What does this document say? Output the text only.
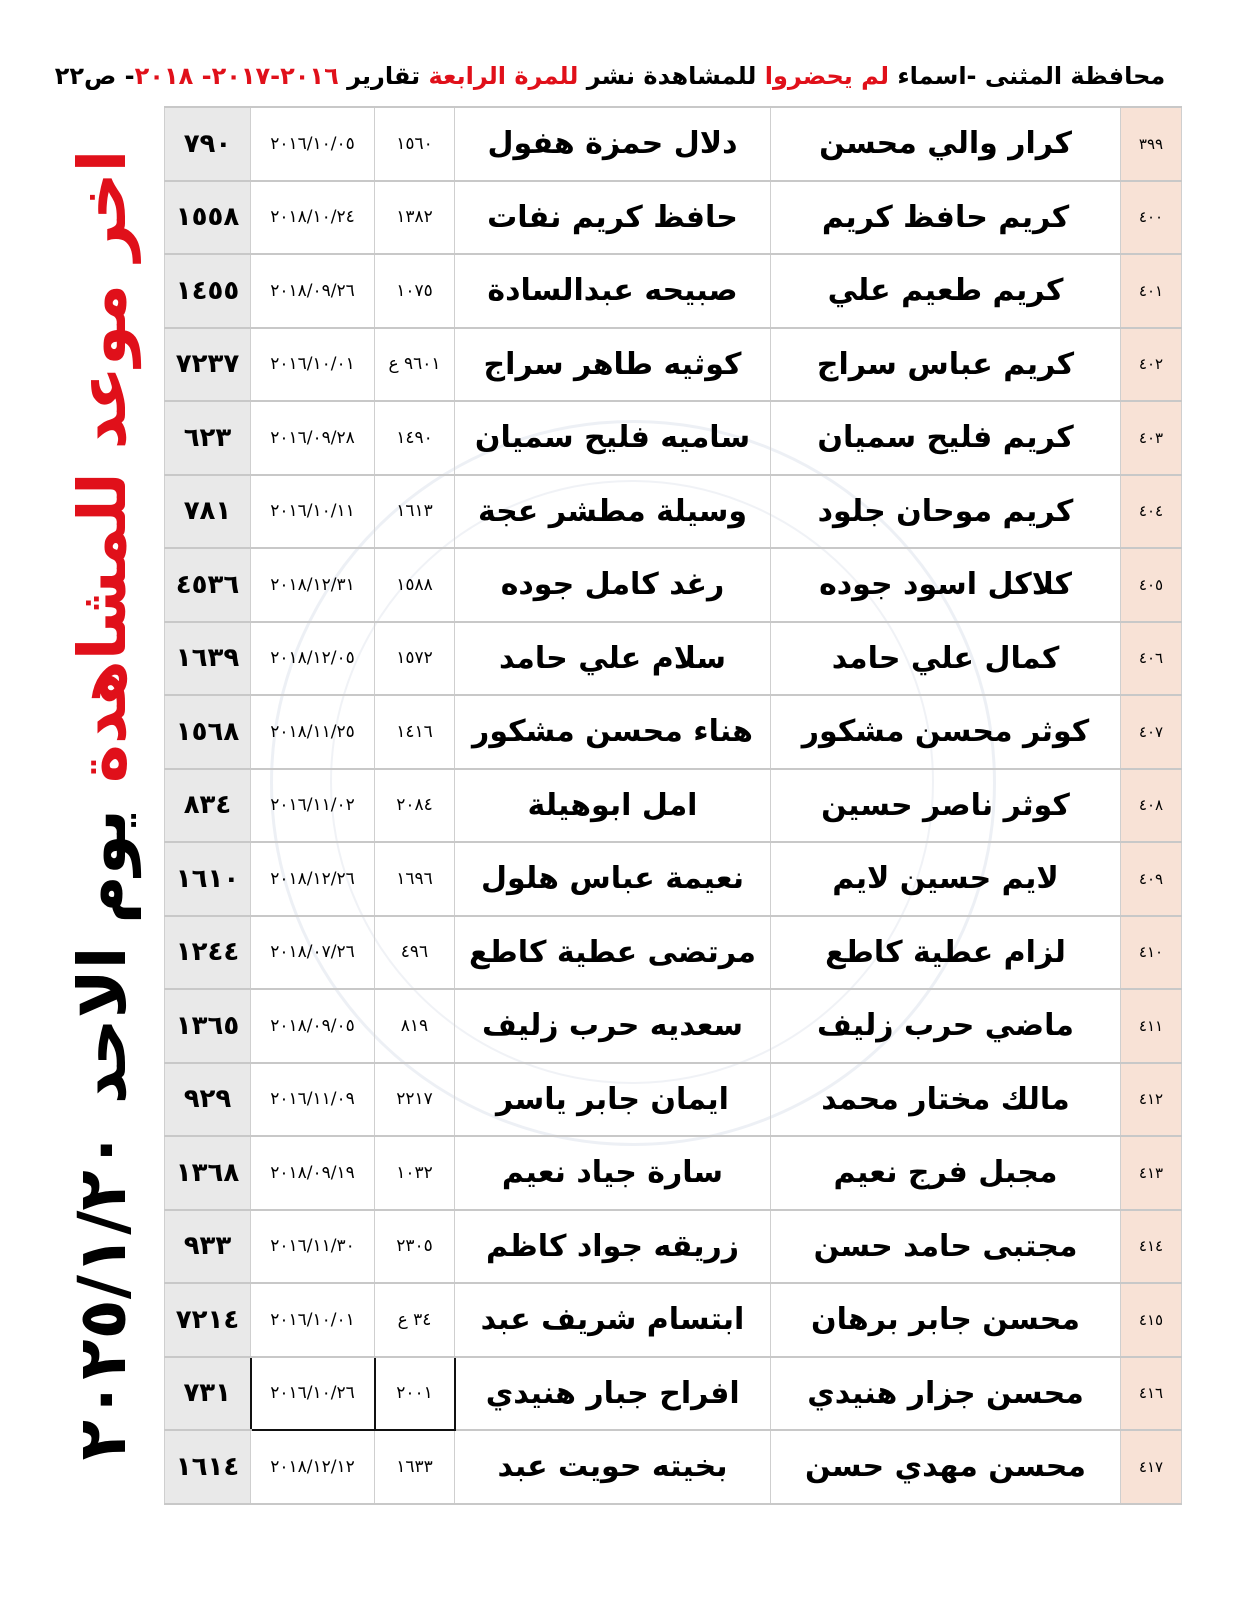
محافظة المثنى -اسماء لم يحضروا للمشاهدة نشر للمرة الرابعة تقارير ٢٠١٦-٢٠١٧- ٢٠١٨- ص٢٢
اخر موعد للمشاهدة
يوم الاحد
٢٠٢٥/١/٢٠
٧٩٠	٢٠١٦/١٠/٠٥	١٥٦٠	دلال حمزة هفول	كرار والي محسن	٣٩٩
١٥٥٨	٢٠١٨/١٠/٢٤	١٣٨٢	حافظ كريم نفات	كريم حافظ كريم	٤٠٠
١٤٥٥	٢٠١٨/٠٩/٢٦	١٠٧٥	صبيحه عبدالسادة	كريم طعيم علي	٤٠١
٧٢٣٧	٢٠١٦/١٠/٠١	٩٦٠١ ع	كوثيه طاهر سراج	كريم عباس سراج	٤٠٢
٦٢٣	٢٠١٦/٠٩/٢٨	١٤٩٠	ساميه فليح سميان	كريم فليح سميان	٤٠٣
٧٨١	٢٠١٦/١٠/١١	١٦١٣	وسيلة مطشر عجة	كريم موحان جلود	٤٠٤
٤٥٣٦	٢٠١٨/١٢/٣١	١٥٨٨	رغد كامل جوده	كلاكل اسود جوده	٤٠٥
١٦٣٩	٢٠١٨/١٢/٠٥	١٥٧٢	سلام علي حامد	كمال علي حامد	٤٠٦
١٥٦٨	٢٠١٨/١١/٢٥	١٤١٦	هناء محسن مشكور	كوثر محسن مشكور	٤٠٧
٨٣٤	٢٠١٦/١١/٠٢	٢٠٨٤	امل ابوهيلة	كوثر ناصر حسين	٤٠٨
١٦١٠	٢٠١٨/١٢/٢٦	١٦٩٦	نعيمة عباس هلول	لايم حسين لايم	٤٠٩
١٢٤٤	٢٠١٨/٠٧/٢٦	٤٩٦	مرتضى عطية كاطع	لزام عطية كاطع	٤١٠
١٣٦٥	٢٠١٨/٠٩/٠٥	٨١٩	سعديه حرب زليف	ماضي حرب زليف	٤١١
٩٢٩	٢٠١٦/١١/٠٩	٢٢١٧	ايمان جابر ياسر	مالك مختار محمد	٤١٢
١٣٦٨	٢٠١٨/٠٩/١٩	١٠٣٢	سارة جياد نعيم	مجبل فرج نعيم	٤١٣
٩٣٣	٢٠١٦/١١/٣٠	٢٣٠٥	زريقه جواد كاظم	مجتبى حامد حسن	٤١٤
٧٢١٤	٢٠١٦/١٠/٠١	٣٤ ع	ابتسام شريف عبد	محسن جابر برهان	٤١٥
٧٣١	٢٠١٦/١٠/٢٦	٢٠٠١	افراح جبار هنيدي	محسن جزار هنيدي	٤١٦
١٦١٤	٢٠١٨/١٢/١٢	١٦٣٣	بخيته حويت عبد	محسن مهدي حسن	٤١٧
